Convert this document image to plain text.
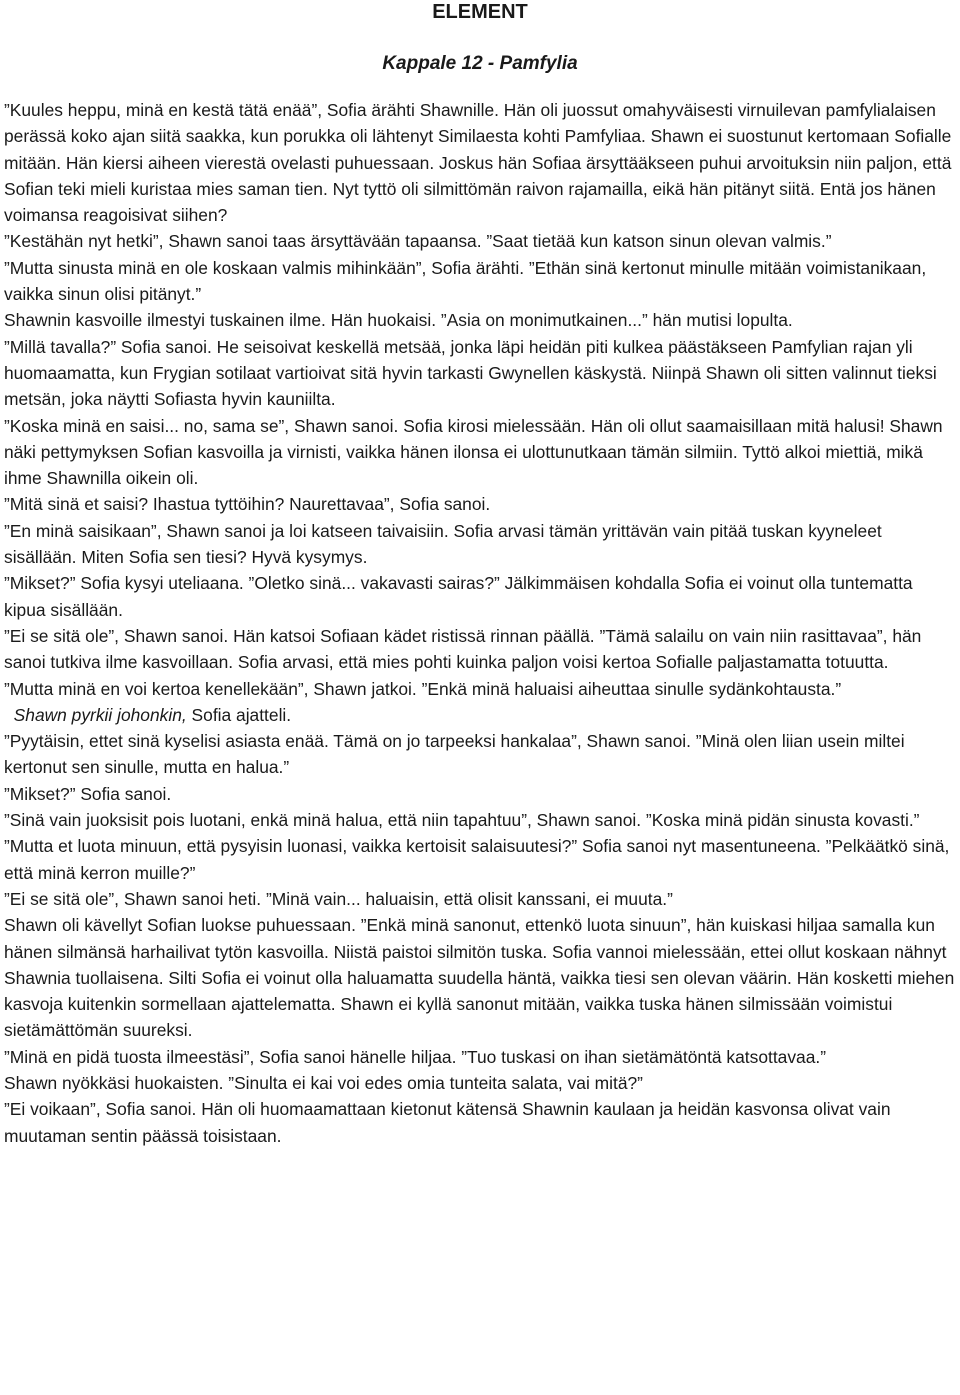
ELEMENT
Kappale 12 - Pamfylia

”Kuules heppu, minä en kestä tätä enää”, Sofia ärähti Shawnille. Hän oli juossut omahyväisesti virnuilevan pamfylialaisen perässä koko ajan siitä saakka, kun porukka oli lähtenyt Similaesta kohti Pamfyliaa. Shawn ei suostunut kertomaan Sofialle mitään. Hän kiersi aiheen vierestä ovelasti puhuessaan. Joskus hän Sofiaa ärsyttääkseen puhui arvoituksin niin paljon, että Sofian teki mieli kuristaa mies saman tien. Nyt tyttö oli silmittömän raivon rajamailla, eikä hän pitänyt siitä. Entä jos hänen voimansa reagoisivat siihen?

”Kestähän nyt hetki”, Shawn sanoi taas ärsyttävään tapaansa. ”Saat tietää kun katson sinun olevan valmis.”

”Mutta sinusta minä en ole koskaan valmis mihinkään”, Sofia ärähti. ”Ethän sinä kertonut minulle mitään voimistanikaan, vaikka sinun olisi pitänyt.”

Shawnin kasvoille ilmestyi tuskainen ilme. Hän huokaisi. ”Asia on monimutkainen...” hän mutisi lopulta.

”Millä tavalla?” Sofia sanoi. He seisoivat keskellä metsää, jonka läpi heidän piti kulkea päästäkseen Pamfylian rajan yli huomaamatta, kun Frygian sotilaat vartioivat sitä hyvin tarkasti Gwynellen käskystä. Niinpä Shawn oli sitten valinnut tieksi metsän, joka näytti Sofiasta hyvin kauniilta.

”Koska minä en saisi... no, sama se”, Shawn sanoi. Sofia kirosi mielessään. Hän oli ollut saamaisillaan mitä halusi! Shawn näki pettymyksen Sofian kasvoilla ja virnisti, vaikka hänen ilonsa ei ulottunutkaan tämän silmiin. Tyttö alkoi miettiä, mikä ihme Shawnilla oikein oli.

”Mitä sinä et saisi? Ihastua tyttöihin? Naurettavaa”, Sofia sanoi.

”En minä saisikaan”, Shawn sanoi ja loi katseen taivaisiin. Sofia arvasi tämän yrittävän vain pitää tuskan kyyneleet sisällään. Miten Sofia sen tiesi? Hyvä kysymys.

”Mikset?” Sofia kysyi uteliaana. ”Oletko sinä... vakavasti sairas?” Jälkimmäisen kohdalla Sofia ei voinut olla tuntematta kipua sisällään.

”Ei se sitä ole”, Shawn sanoi. Hän katsoi Sofiaan kädet ristissä rinnan päällä. ”Tämä salailu on vain niin rasittavaa”, hän sanoi tutkiva ilme kasvoillaan. Sofia arvasi, että mies pohti kuinka paljon voisi kertoa Sofialle paljastamatta totuutta.

”Mutta minä en voi kertoa kenellekään”, Shawn jatkoi. ”Enkä minä haluaisi aiheuttaa sinulle sydänkohtausta.”

Shawn pyrkii johonkin, Sofia ajatteli.

”Pyytäisin, ettet sinä kyselisi asiasta enää. Tämä on jo tarpeeksi hankalaa”, Shawn sanoi. ”Minä olen liian usein miltei kertonut sen sinulle, mutta en halua.”

”Mikset?” Sofia sanoi.

”Sinä vain juoksisit pois luotani, enkä minä halua, että niin tapahtuu”, Shawn sanoi. ”Koska minä pidän sinusta kovasti.”

”Mutta et luota minuun, että pysyisin luonasi, vaikka kertoisit salaisuutesi?” Sofia sanoi nyt masentuneena. ”Pelkäätkö sinä, että minä kerron muille?”

”Ei se sitä ole”, Shawn sanoi heti. ”Minä vain... haluaisin, että olisit kanssani, ei muuta.”

Shawn oli kävellyt Sofian luokse puhuessaan. ”Enkä minä sanonut, ettenkö luota sinuun”, hän kuiskasi hiljaa samalla kun hänen silmänsä harhailivat tytön kasvoilla. Niistä paistoi silmitön tuska. Sofia vannoi mielessään, ettei ollut koskaan nähnyt Shawnia tuollaisena. Silti Sofia ei voinut olla haluamatta suudella häntä, vaikka tiesi sen olevan väärin. Hän kosketti miehen kasvoja kuitenkin sormellaan ajattelematta. Shawn ei kyllä sanonut mitään, vaikka tuska hänen silmissään voimistui sietämättömän suureksi.

”Minä en pidä tuosta ilmeestäsi”, Sofia sanoi hänelle hiljaa. ”Tuo tuskasi on ihan sietämätöntä katsottavaa.”

Shawn nyökkäsi huokaisten. ”Sinulta ei kai voi edes omia tunteita salata, vai mitä?”

”Ei voikaan”, Sofia sanoi. Hän oli huomaamattaan kietonut kätensä Shawnin kaulaan ja heidän kasvonsa olivat vain muutaman sentin päässä toisistaan.
